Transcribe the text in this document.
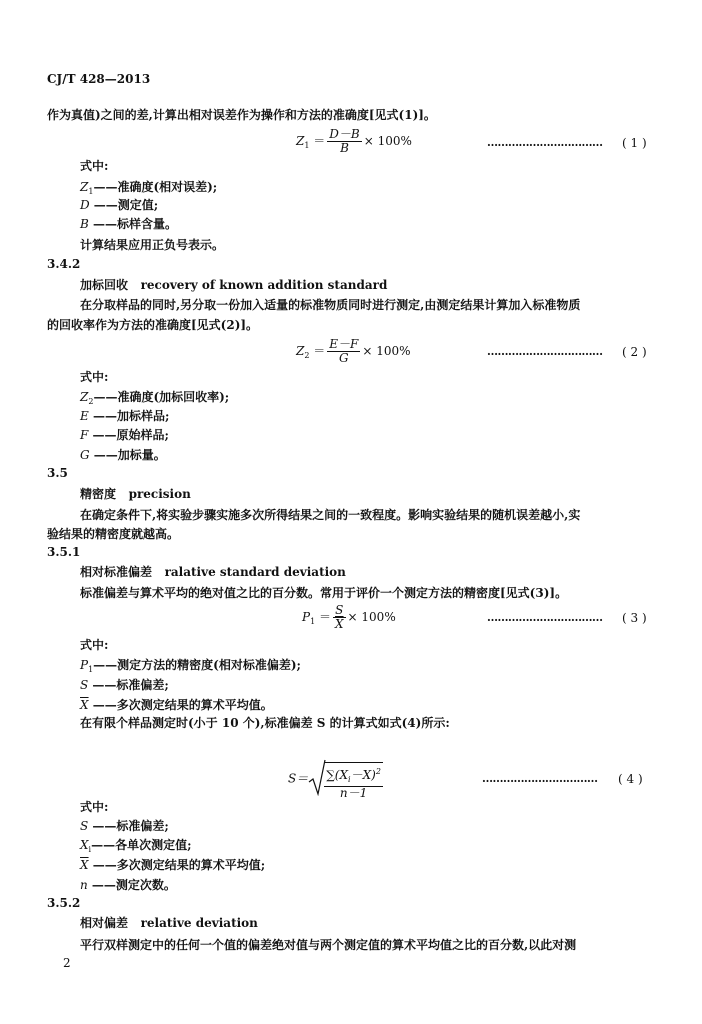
CJ/T 428—2013
作为真值)之间的差,计算出相对误差作为操作和方法的准确度[见式(1)]。
$Z_1 = \frac{D-B}{B} \times 100\%$	…………………………… ( 1 )
式中:
$Z_1——$准确度(相对误差);
D ——测定值;
B ——标样含量。
计算结果应用正负号表示。
3.4.2
加标回收 recovery of known addition standard
在分取样品的同时,另分取一份加入适量的标准物质同时进行测定,由测定结果计算加入标准物质
的回收率作为方法的准确度[见式(2)]。
$Z_2 = \frac{E-F}{G} \times 100\%$	…………………………… ( 2 )
式中:
$Z_2——$准确度(加标回收率);
E ——加标样品;
F ——原始样品;
G ——加标量。
3.5
精密度 precision
在确定条件下,将实验步骤实施多次所得结果之间的一致程度。影响实验结果的随机误差越小,实
验结果的精密度就越高。
3.5.1
相对标准偏差 ralative standard deviation
标准偏差与算术平均的绝对值之比的百分数。常用于评价一个测定方法的精密度[见式(3)]。
$P_1 = \frac{S}{X} \times 100\%$	…………………………… ( 3 )
式中:
$P_1——$测定方法的精密度(相对标准偏差);
S ——标准偏差;
$\overline{X}$ ——多次测定结果的算术平均值。
在有限个样品测定时(小于 10 个),标准偏差 S 的计算式如式(4)所示:
$S= \frac{\sum(X_i-X)^2}{n-1}$	…………………………… ( 4 )
式中:
S ——标准偏差;
$X_i——$各单次测定值;
$\overline{X}$ ——多次测定结果的算术平均值;
n ——测定次数。
3.5.2
相对偏差 relative deviation
平行双样测定中的任何一个值的偏差绝对值与两个测定值的算术平均值之比的百分数,以此对测
2
